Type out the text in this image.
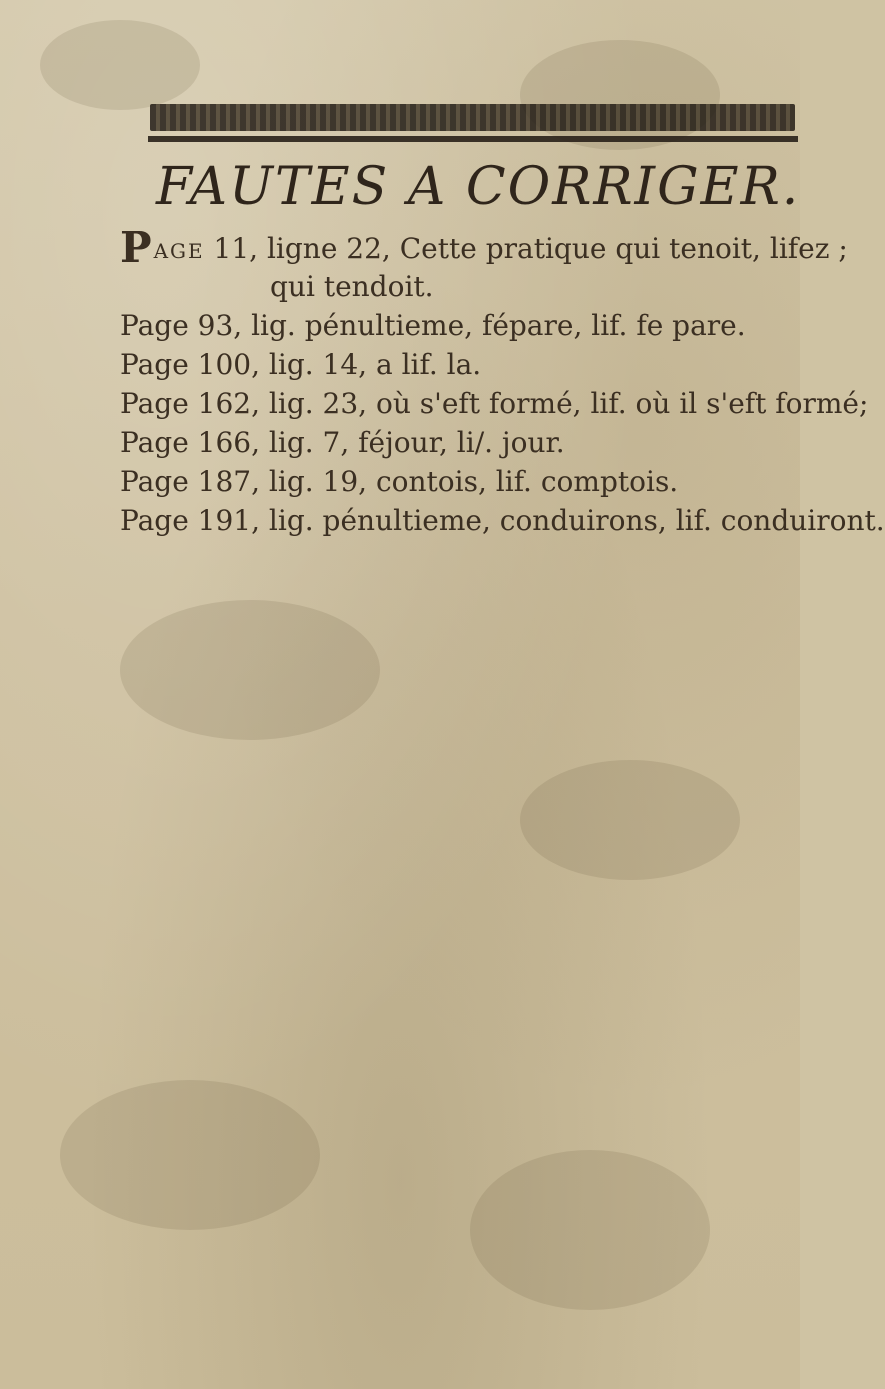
FAUTES A CORRIGER.
PAGE 11, ligne 22, Cette pratique qui tenoit, lifez ;
qui tendoit.
Page 93, lig. pénultieme, fépare, lif. fe pare.
Page 100, lig. 14, a lif. la.
Page 162, lig. 23, où s'eft formé, lif. où il s'eft formé;
Page 166, lig. 7, féjour, li/. jour.
Page 187, lig. 19, contois, lif. comptois.
Page 191, lig. pénultieme, conduirons, lif. conduiront.
